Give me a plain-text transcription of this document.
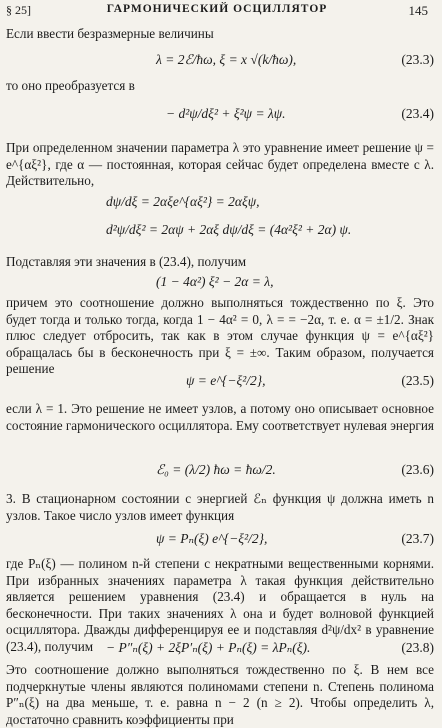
§ 25]	ГАРМОНИЧЕСКИЙ ОСЦИЛЛЯТОР	145
Если ввести безразмерные величины
λ = 2ℰ/ħω, ξ = x √(k/ħω),	(23.3)
то оно преобразуется в
− d²ψ/dξ² + ξ²ψ = λψ.	(23.4)
При определенном значении параметра λ это уравнение имеет решение ψ = e^{αξ²}, где α — постоянная, которая сейчас будет определена вместе с λ. Действительно,
dψ/dξ = 2αξe^{αξ²} = 2αξψ,
d²ψ/dξ² = 2αψ + 2αξ dψ/dξ = (4α²ξ² + 2α) ψ.
Подставляя эти значения в (23.4), получим
(1 − 4α²) ξ² − 2α = λ,
причем это соотношение должно выполняться тождественно по ξ. Это будет тогда и только тогда, когда 1 − 4α² = 0, λ = = −2α, т. е. α = ±1/2. Знак плюс следует отбросить, так как в этом случае функция ψ = e^{αξ²} обращалась бы в бесконечность при ξ = ±∞. Таким образом, получается решение
ψ = e^{−ξ²/2},	(23.5)
если λ = 1. Это решение не имеет узлов, а потому оно описывает основное состояние гармонического осциллятора. Ему соответствует нулевая энергия
ℰ₀ = (λ/2) ħω = ħω/2.	(23.6)
3. В стационарном состоянии с энергией ℰₙ функция ψ должна иметь n узлов. Такое число узлов имеет функция
ψ = Pₙ(ξ) e^{−ξ²/2},	(23.7)
где Pₙ(ξ) — полином n-й степени с некратными вещественными корнями. При избранных значениях параметра λ такая функция действительно является решением уравнения (23.4) и обращается в нуль на бесконечности. При таких значениях λ она и будет волновой функцией осциллятора. Дважды дифференцируя ее и подставляя d²ψ/dx² в уравнение (23.4), получим − P″ₙ(ξ) + 2ξP′ₙ(ξ) + Pₙ(ξ) = λPₙ(ξ).	(23.8)
Это соотношение должно выполняться тождественно по ξ. В нем все подчеркнутые члены являются полиномами степени n. Степень полинома P″ₙ(ξ) на два меньше, т. е. равна n − 2 (n ≥ 2). Чтобы определить λ, достаточно сравнить коэффициенты при
